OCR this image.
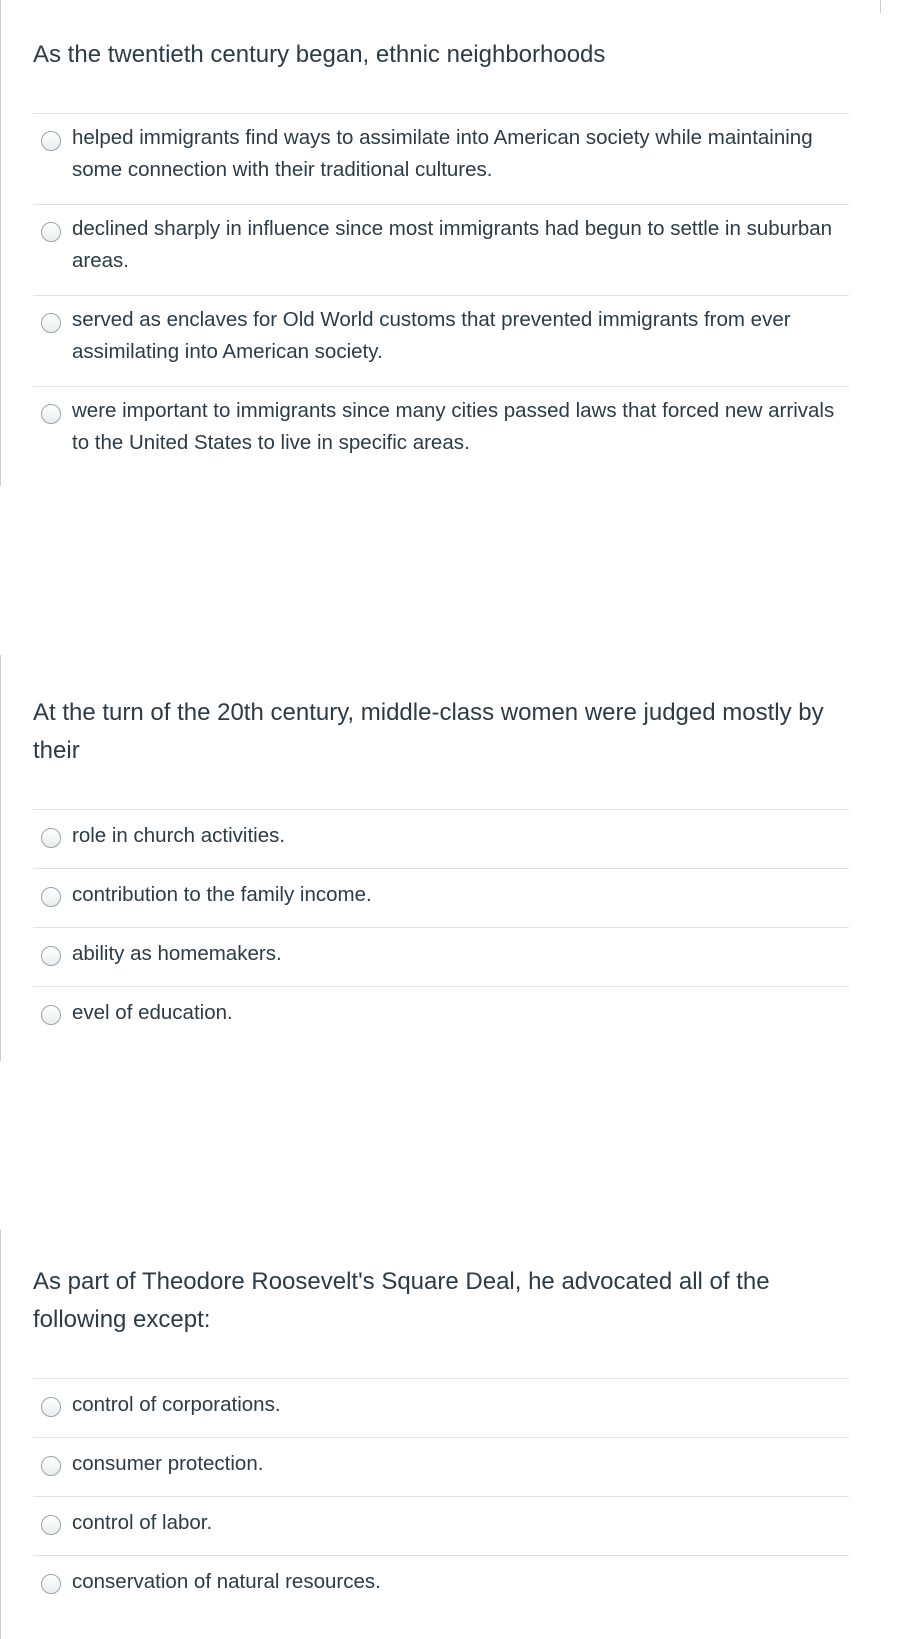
As the twentieth century began, ethnic neighborhoods

helped immigrants find ways to assimilate into American society while maintaining some connection with their traditional cultures.
declined sharply in influence since most immigrants had begun to settle in suburban areas.
served as enclaves for Old World customs that prevented immigrants from ever assimilating into American society.
were important to immigrants since many cities passed laws that forced new arrivals to the United States to live in specific areas.

At the turn of the 20th century, middle-class women were judged mostly by their

role in church activities.
contribution to the family income.
ability as homemakers.
evel of education.

As part of Theodore Roosevelt's Square Deal, he advocated all of the following except:

control of corporations.
consumer protection.
control of labor.
conservation of natural resources.
